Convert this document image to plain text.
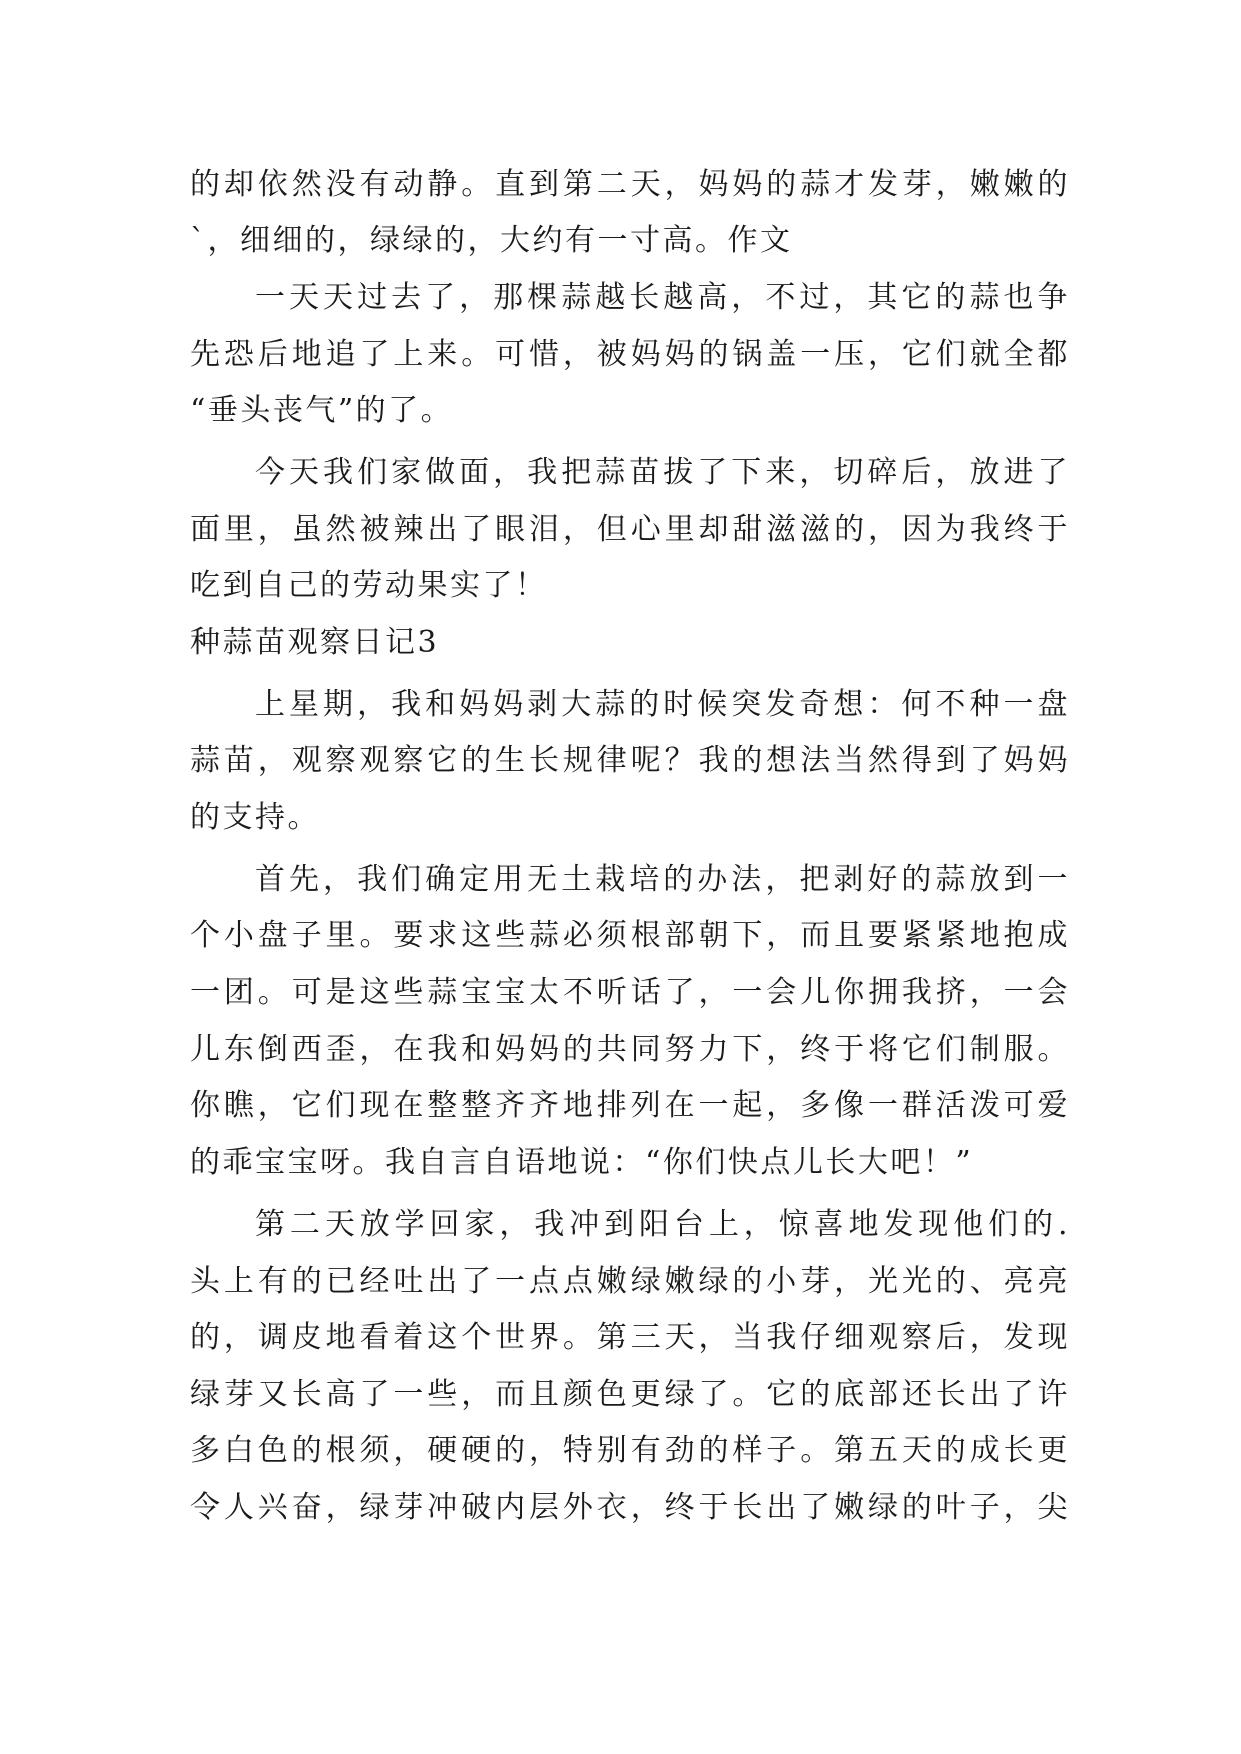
的却依然没有动静。直到第二天，妈妈的蒜才发芽，嫩嫩的
`，细细的，绿绿的，大约有一寸高。作文
一天天过去了，那棵蒜越长越高，不过，其它的蒜也争
先恐后地追了上来。可惜，被妈妈的锅盖一压，它们就全都
“垂头丧气”的了。
今天我们家做面，我把蒜苗拔了下来，切碎后，放进了
面里，虽然被辣出了眼泪，但心里却甜滋滋的，因为我终于
吃到自己的劳动果实了！
种蒜苗观察日记3
上星期，我和妈妈剥大蒜的时候突发奇想：何不种一盘
蒜苗，观察观察它的生长规律呢？我的想法当然得到了妈妈
的支持。
首先，我们确定用无土栽培的办法，把剥好的蒜放到一
个小盘子里。要求这些蒜必须根部朝下，而且要紧紧地抱成
一团。可是这些蒜宝宝太不听话了，一会儿你拥我挤，一会
儿东倒西歪，在我和妈妈的共同努力下，终于将它们制服。
你瞧，它们现在整整齐齐地排列在一起，多像一群活泼可爱
的乖宝宝呀。我自言自语地说：“你们快点儿长大吧！”
第二天放学回家，我冲到阳台上，惊喜地发现他们的.
头上有的已经吐出了一点点嫩绿嫩绿的小芽，光光的、亮亮
的，调皮地看着这个世界。第三天，当我仔细观察后，发现
绿芽又长高了一些，而且颜色更绿了。它的底部还长出了许
多白色的根须，硬硬的，特别有劲的样子。第五天的成长更
令人兴奋，绿芽冲破内层外衣，终于长出了嫩绿的叶子，尖
